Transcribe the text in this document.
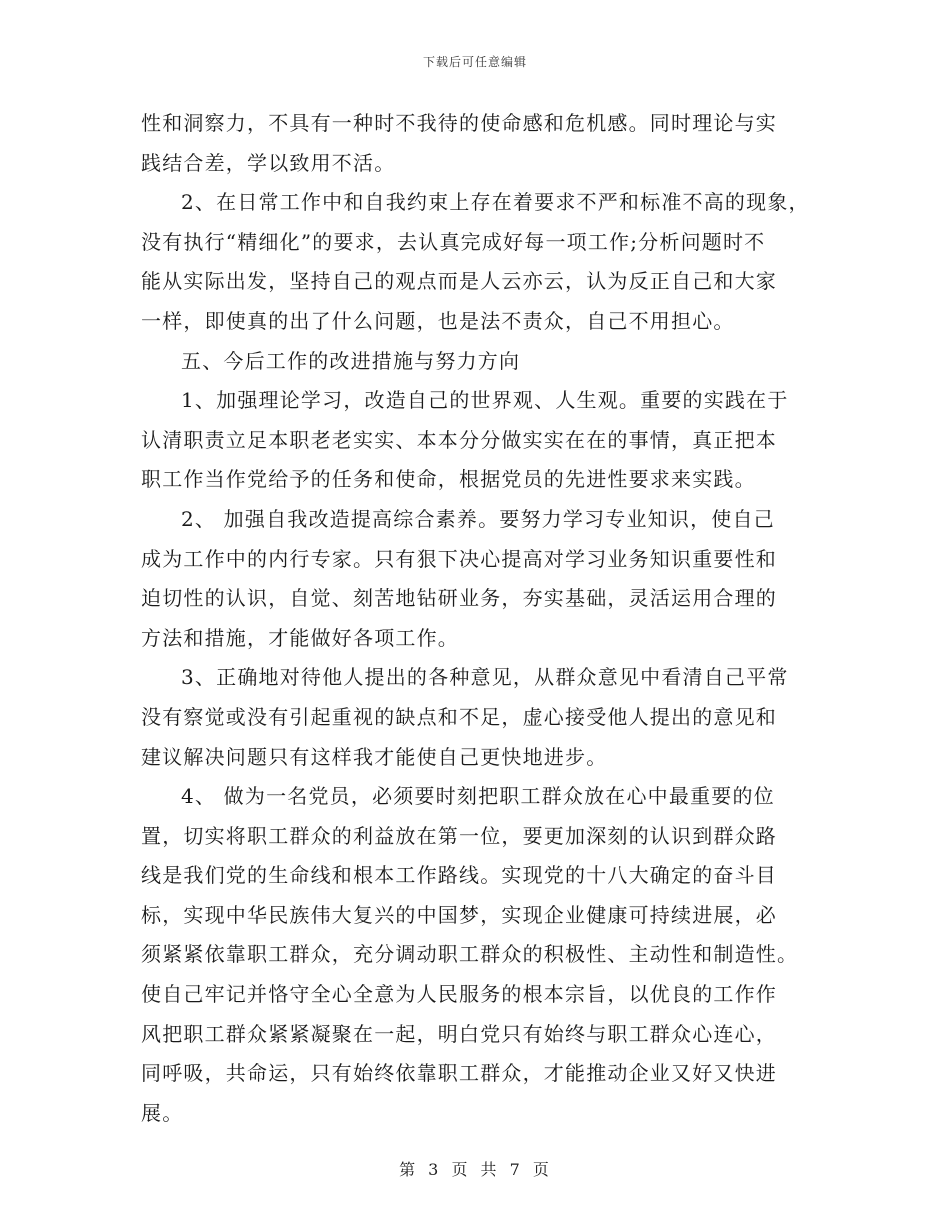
下载后可任意编辑
性和洞察力，不具有一种时不我待的使命感和危机感。同时理论与实
践结合差，学以致用不活。
2、在日常工作中和自我约束上存在着要求不严和标准不高的现象，
没有执行“精细化”的要求，去认真完成好每一项工作;分析问题时不
能从实际出发，坚持自己的观点而是人云亦云，认为反正自己和大家
一样，即使真的出了什么问题，也是法不责众，自己不用担心。
五、今后工作的改进措施与努力方向
1、加强理论学习，改造自己的世界观、人生观。重要的实践在于
认清职责立足本职老老实实、本本分分做实实在在的事情，真正把本
职工作当作党给予的任务和使命，根据党员的先进性要求来实践。
2、 加强自我改造提高综合素养。要努力学习专业知识，使自己
成为工作中的内行专家。只有狠下决心提高对学习业务知识重要性和
迫切性的认识，自觉、刻苦地钻研业务，夯实基础，灵活运用合理的
方法和措施，才能做好各项工作。
3、正确地对待他人提出的各种意见，从群众意见中看清自己平常
没有察觉或没有引起重视的缺点和不足，虚心接受他人提出的意见和
建议解决问题只有这样我才能使自己更快地进步。
4、 做为一名党员，必须要时刻把职工群众放在心中最重要的位
置，切实将职工群众的利益放在第一位，要更加深刻的认识到群众路
线是我们党的生命线和根本工作路线。实现党的十八大确定的奋斗目
标，实现中华民族伟大复兴的中国梦，实现企业健康可持续进展，必
须紧紧依靠职工群众，充分调动职工群众的积极性、主动性和制造性。
使自己牢记并恪守全心全意为人民服务的根本宗旨，以优良的工作作
风把职工群众紧紧凝聚在一起，明白党只有始终与职工群众心连心，
同呼吸，共命运，只有始终依靠职工群众，才能推动企业又好又快进
展。
第 3 页 共 7 页
